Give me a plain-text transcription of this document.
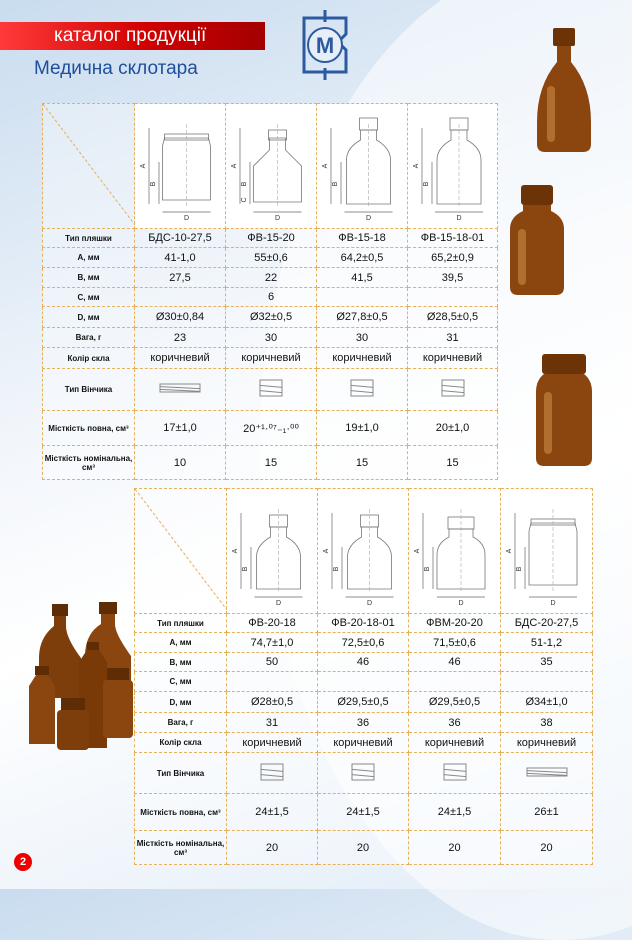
каталог продукції
Медична склотара
М

A
B
D	A
B
C
D	A
B
D	A
B
D

Тип пляшки	БДС-10-27,5	ФВ-15-20	ФВ-15-18	ФВ-15-18-01
A, мм	41-1,0	55±0,6	64,2±0,5	65,2±0,9
B, мм	27,5	22	41,5	39,5
C, мм		6		
D, мм	Ø30±0,84	Ø32±0,5	Ø27,8±0,5	Ø28,5±0,5
Вага, г	23	30	30	31
Колір скла	коричневий	коричневий	коричневий	коричневий
Тип Вінчика				
Місткість повна, см³	17±1,0	20⁺¹·⁰⁷₋₁·⁰⁰	19±1,0	20±1,0
Місткість номінальна, см³	10	15	15	15

A
B
D	A
B
D	A
B
D	A
B
D

Тип пляшки	ФВ-20-18	ФВ-20-18-01	ФВМ-20-20	БДС-20-27,5
A, мм	74,7±1,0	72,5±0,6	71,5±0,6	51-1,2
B, мм	50	46	46	35
C, мм				
D, мм	Ø28±0,5	Ø29,5±0,5	Ø29,5±0,5	Ø34±1,0
Вага, г	31	36	36	38
Колір скла	коричневий	коричневий	коричневий	коричневий
Тип Вінчика				
Місткість повна, см³	24±1,5	24±1,5	24±1,5	26±1
Місткість номінальна, см³	20	20	20	20
2
